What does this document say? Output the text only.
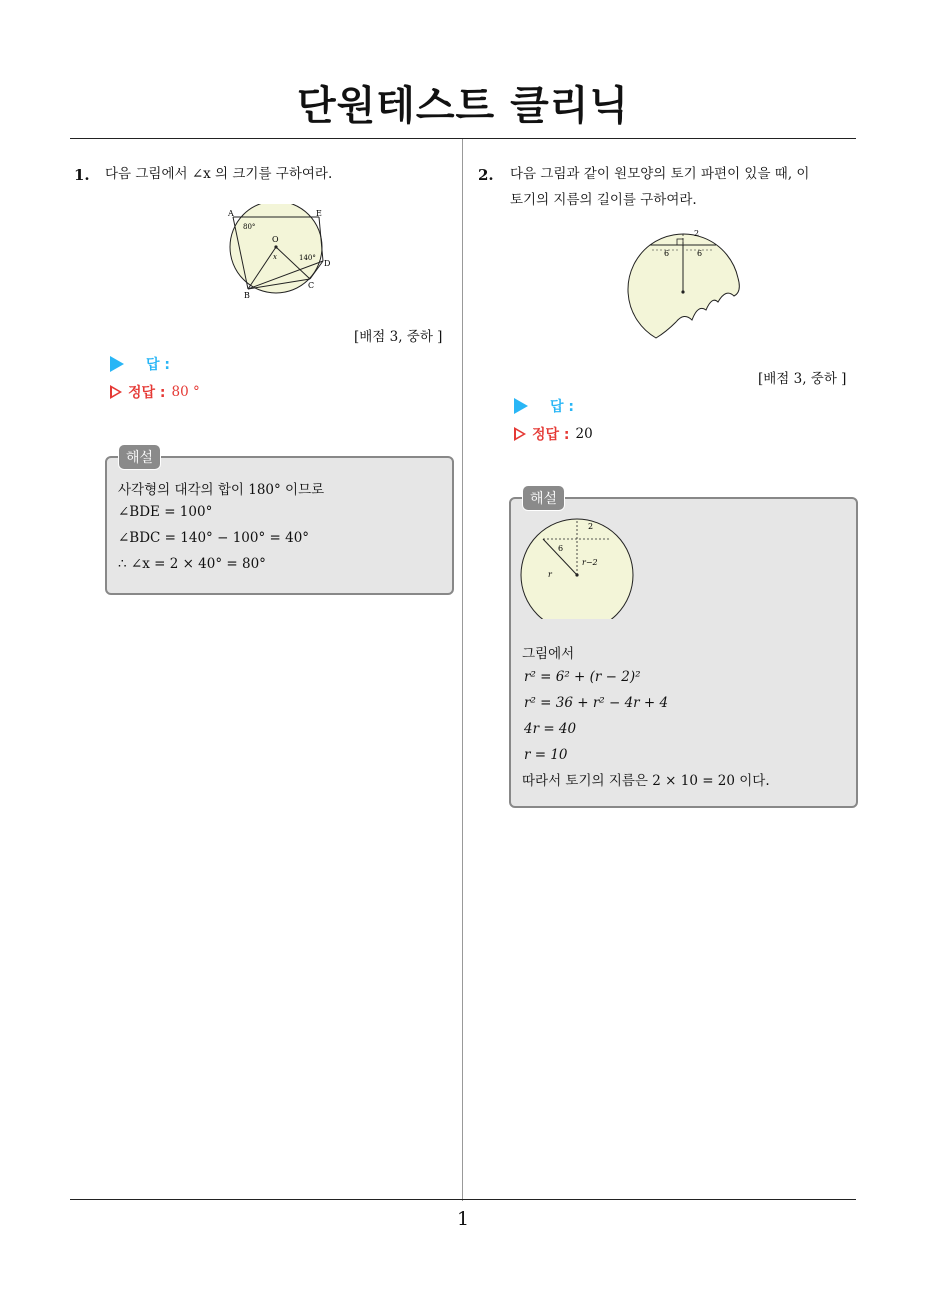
단원테스트 클리닉
1. 다음 그림에서 ∠x 의 크기를 구하여라.
A	E
O
D
B
C
80°
140°
x
[배점 3, 중하 ]
답 :
정답 : 80 °
해설
사각형의 대각의 합이 180° 이므로
∠BDE = 100°
∠BDC = 140° − 100° = 40°
∴ ∠x = 2 × 40° = 80°
2. 다음 그림과 같이 원모양의 토기 파편이 있을 때, 이
토기의 지름의 길이를 구하여라.
6	6
2
[배점 3, 중하 ]
답 :
정답 : 20
해설
6
2
r
r−2
그림에서
r² = 6² + (r − 2)²
r² = 36 + r² − 4r + 4
4r = 40
r = 10
따라서 토기의 지름은 2 × 10 = 20 이다.
1
